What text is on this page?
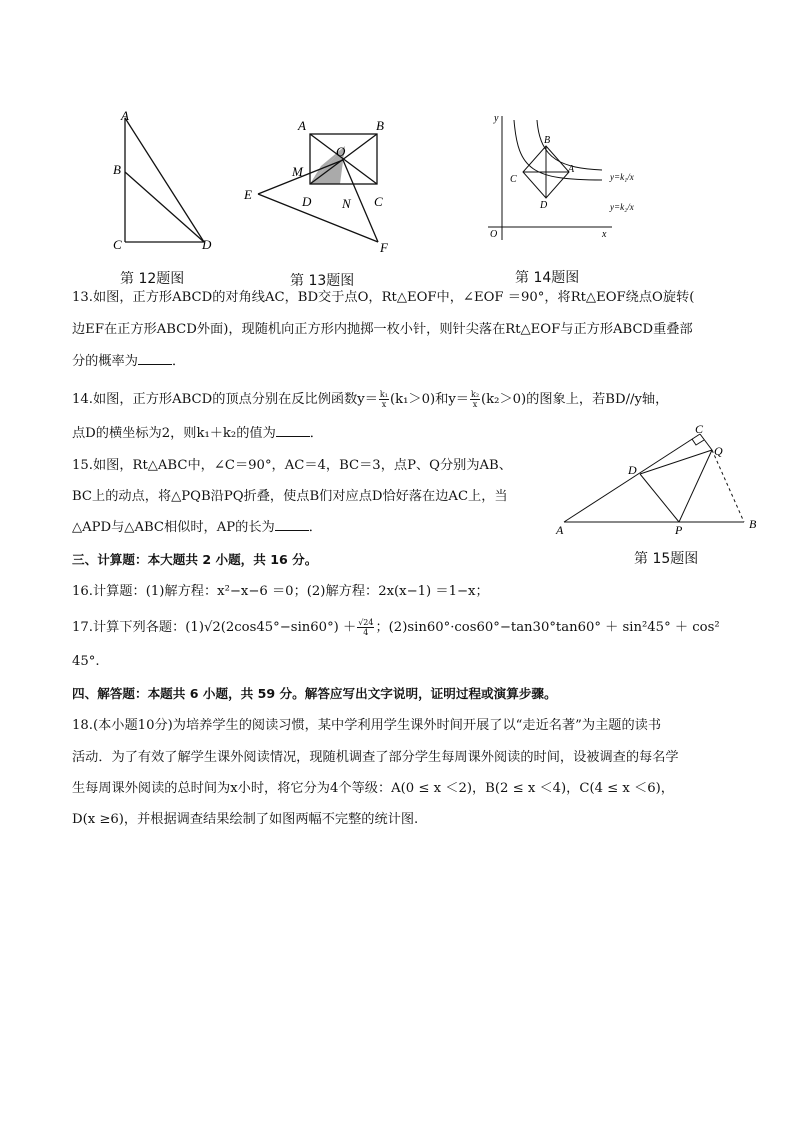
A
B
C	D
第 12题图
A	B
O
M
E	D N C
F
第 13题图
y
x
O
B
A
C
D
y=k₁/x
y=k₂/x
第 14题图
C
Q
D
A	P	B
第 15题图
13.如图，正方形ABCD的对角线AC，BD交于点O，Rt△EOF中，∠EOF ＝90°，将Rt△EOF绕点O旋转(
边EF在正方形ABCD外面)，现随机向正方形内抛掷一枚小针，则针尖落在Rt△EOF与正方形ABCD重叠部
分的概率为	．
14.如图，正方形ABCD的顶点分别在反比例函数$y= \frac{\text{k₁}}{x} (k_1>0)$和$y= \frac{\text{k₂}}{x} (k_2>0)$的图象上，若BD//y轴，
点D的横坐标为2，则k₁＋k₂的值为	．
15.如图，Rt△ABC中，∠C＝90°，AC＝4，BC＝3，点P、Q分别为AB、
BC上的动点，将△PQB沿PQ折叠，使点B们对应点D恰好落在边AC上，当
△APD与△ABC相似时，AP的长为	．
三、计算题：本大题共 2 小题，共 16 分。
16.计算题：(1)解方程：x²−x−6 ＝0；(2)解方程：2x(x−1) ＝1−x；
17.计算下列各题：$(1)√2(2\cos 45^\circ-\sin 60^\circ) + \frac{√24}{4}$ ；(2)sin60°·cos60°−tan30°tan60° ＋ sin²45° ＋ cos²
45°.
四、解答题：本题共 6 小题，共 59 分。解答应写出文字说明，证明过程或演算步骤。
18.(本小题10分)为培养学生的阅读习惯，某中学利用学生课外时间开展了以“走近名著”为主题的读书
活动．为了有效了解学生课外阅读情况，现随机调查了部分学生每周课外阅读的时间，设被调查的每名学
生每周课外阅读的总时间为x小时，将它分为4个等级：A(0 ≤ x ＜2)，B(2 ≤ x ＜4)，C(4 ≤ x ＜6)，
D(x ≥6)，并根据调查结果绘制了如图两幅不完整的统计图.
